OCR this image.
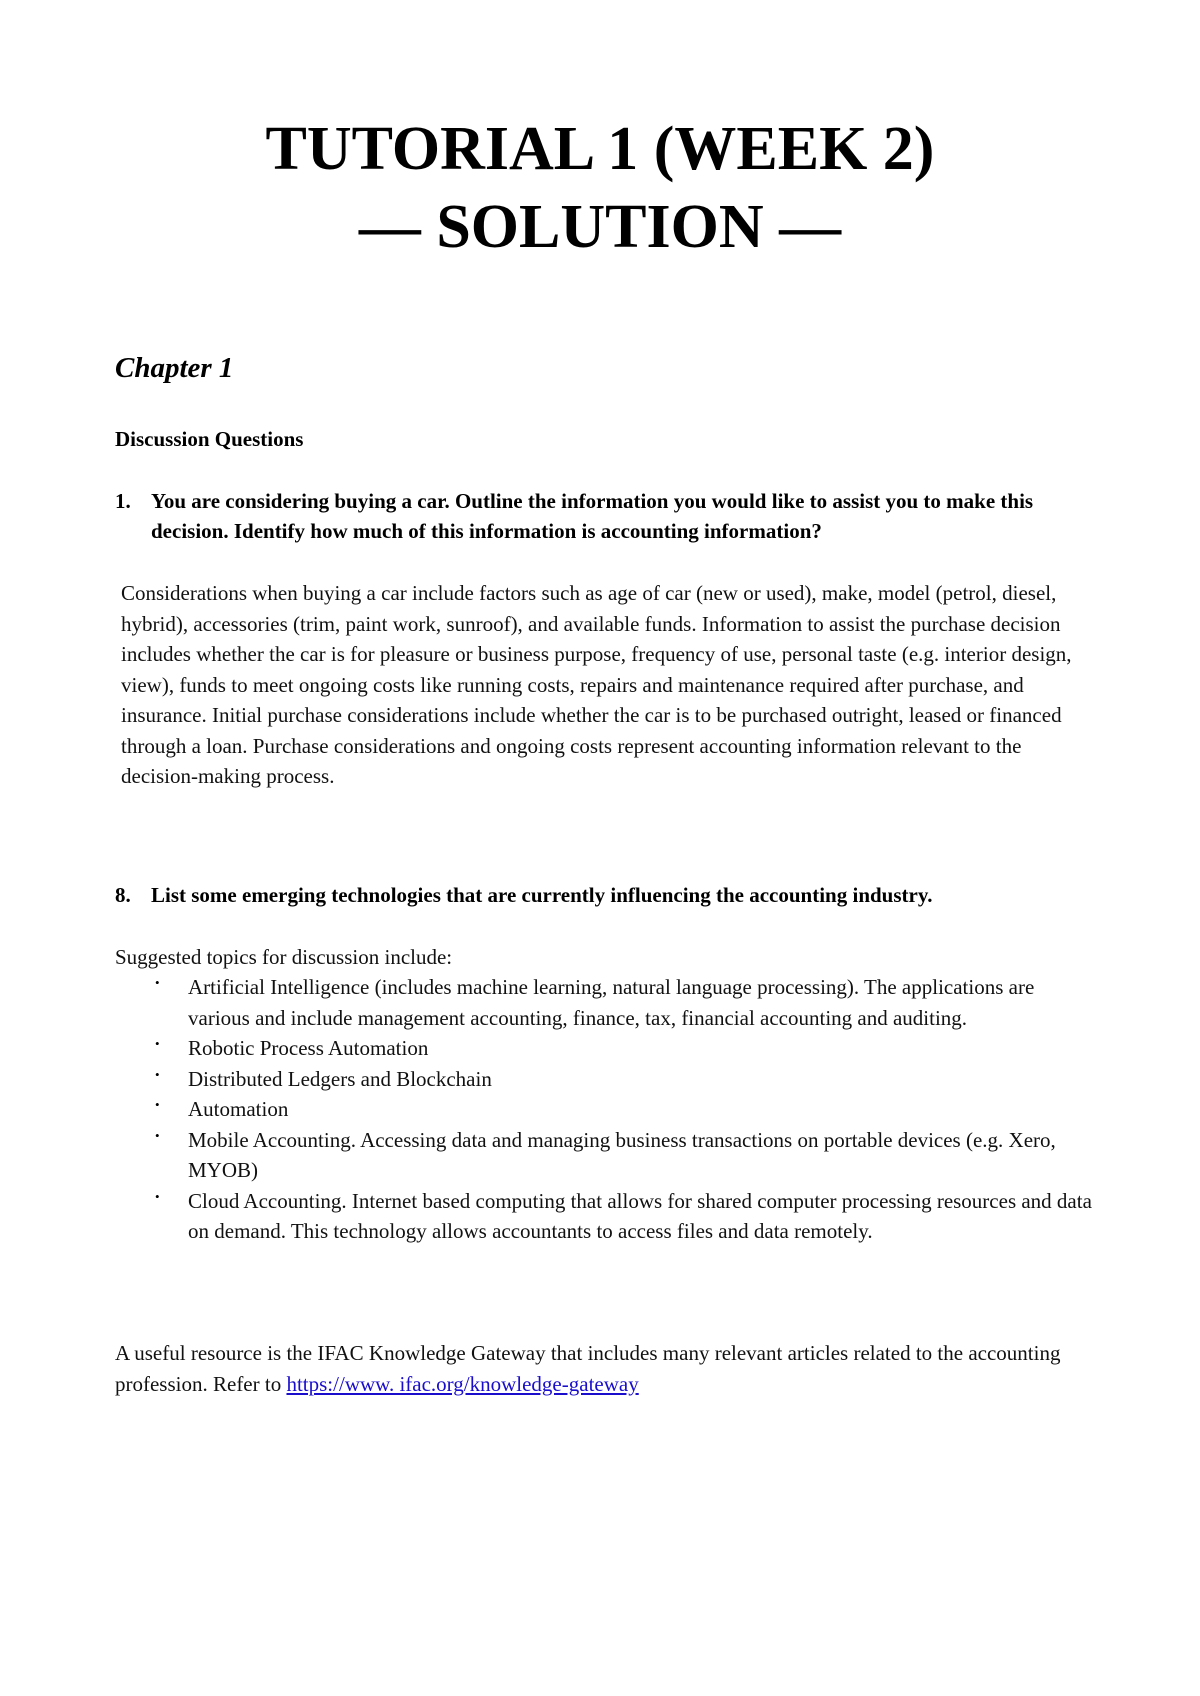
TUTORIAL 1 (WEEK 2)
— SOLUTION —
Chapter 1
Discussion Questions
1. You are considering buying a car. Outline the information you would like to assist you to make this decision. Identify how much of this information is accounting information?
Considerations when buying a car include factors such as age of car (new or used), make, model (petrol, diesel, hybrid), accessories (trim, paint work, sunroof), and available funds. Information to assist the purchase decision includes whether the car is for pleasure or business purpose, frequency of use, personal taste (e.g. interior design, view), funds to meet ongoing costs like running costs, repairs and maintenance required after purchase, and insurance. Initial purchase considerations include whether the car is to be purchased outright, leased or financed through a loan. Purchase considerations and ongoing costs represent accounting information relevant to the decision-making process.
8. List some emerging technologies that are currently influencing the accounting industry.
Suggested topics for discussion include:
• Artificial Intelligence (includes machine learning, natural language processing). The applications are various and include management accounting, finance, tax, financial accounting and auditing.
• Robotic Process Automation
• Distributed Ledgers and Blockchain
• Automation
• Mobile Accounting. Accessing data and managing business transactions on portable devices (e.g. Xero, MYOB)
• Cloud Accounting. Internet based computing that allows for shared computer processing resources and data on demand. This technology allows accountants to access files and data remotely.
A useful resource is the IFAC Knowledge Gateway that includes many relevant articles related to the accounting profession. Refer to https://www. ifac.org/knowledge-gateway
